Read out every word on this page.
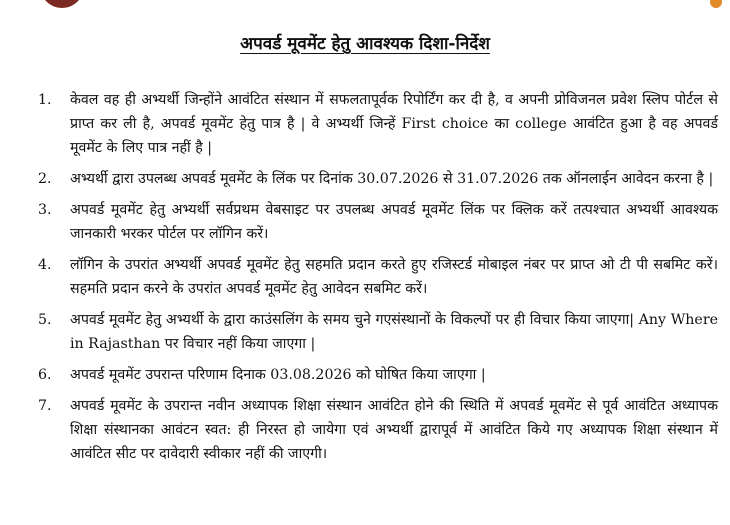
अपवर्ड मूवमेंट हेतु आवश्यक दिशा-निर्देश
1. केवल वह ही अभ्यर्थी जिन्होंने आवंटित संस्थान में सफलतापूर्वक रिपोर्टिंग कर दी है, व अपनी प्रोविजनल प्रवेश स्लिप पोर्टल से प्राप्त कर ली है, अपवर्ड मूवमेंट हेतु पात्र है | वे अभ्यर्थी जिन्हें First choice का college आवंटित हुआ है वह अपवर्ड मूवमेंट के लिए पात्र नहीं है |
2. अभ्यर्थी द्वारा उपलब्ध अपवर्ड मूवमेंट के लिंक पर दिनांक 30.07.2026 से 31.07.2026 तक ऑनलाईन आवेदन करना है |
3. अपवर्ड मूवमेंट हेतु अभ्यर्थी सर्वप्रथम वेबसाइट पर उपलब्ध अपवर्ड मूवमेंट लिंक पर क्लिक करें तत्पश्चात अभ्यर्थी आवश्यक जानकारी भरकर पोर्टल पर लॉगिन करें।
4. लॉगिन के उपरांत अभ्यर्थी अपवर्ड मूवमेंट हेतु सहमति प्रदान करते हुए रजिस्टर्ड मोबाइल नंबर पर प्राप्त ओ टी पी सबमिट करें। सहमति प्रदान करने के उपरांत अपवर्ड मूवमेंट हेतु आवेदन सबमिट करें।
5. अपवर्ड मूवमेंट हेतु अभ्यर्थी के द्वारा काउंसलिंग के समय चुने गएसंस्थानों के विकल्पों पर ही विचार किया जाएगा| Any Where in Rajasthan पर विचार नहीं किया जाएगा |
6. अपवर्ड मूवमेंट उपरान्त परिणाम दिनाक 03.08.2026 को घोषित किया जाएगा |
7. अपवर्ड मूवमेंट के उपरान्त नवीन अध्यापक शिक्षा संस्थान आवंटित होने की स्थिति में अपवर्ड मूवमेंट से पूर्व आवंटित अध्यापक शिक्षा संस्थानका आवंटन स्वत: ही निरस्त हो जायेगा एवं अभ्यर्थी द्वारापूर्व में आवंटित किये गए अध्यापक शिक्षा संस्थान में आवंटित सीट पर दावेदारी स्वीकार नहीं की जाएगी।
